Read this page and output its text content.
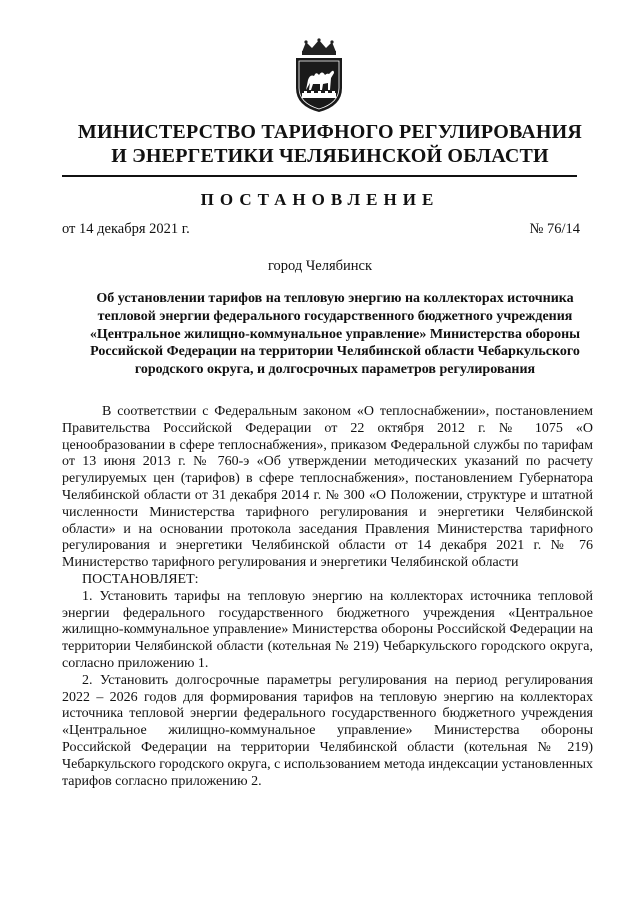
МИНИСТЕРСТВО ТАРИФНОГО РЕГУЛИРОВАНИЯ
И ЭНЕРГЕТИКИ ЧЕЛЯБИНСКОЙ ОБЛАСТИ
ПОСТАНОВЛЕНИЕ
от 14 декабря 2021 г.	№ 76/14
город Челябинск
Об установлении тарифов на тепловую энергию на коллекторах источника тепловой энергии федерального государственного бюджетного учреждения «Центральное жилищно-коммунальное управление» Министерства обороны Российской Федерации на территории Челябинской области Чебаркульского городского округа, и долгосрочных параметров регулирования

В соответствии с Федеральным законом «О теплоснабжении», постановлением Правительства Российской Федерации от 22 октября 2012 г. № 1075 «О ценообразовании в сфере теплоснабжения», приказом Федеральной службы по тарифам от 13 июня 2013 г. № 760-э «Об утверждении методических указаний по расчету регулируемых цен (тарифов) в сфере теплоснабжения», постановлением Губернатора Челябинской области от 31 декабря 2014 г. № 300 «О Положении, структуре и штатной численности Министерства тарифного регулирования и энергетики Челябинской области» и на основании протокола заседания Правления Министерства тарифного регулирования и энергетики Челябинской области от 14 декабря 2021 г. № 76 Министерство тарифного регулирования и энергетики Челябинской области

ПОСТАНОВЛЯЕТ:

1. Установить тарифы на тепловую энергию на коллекторах источника тепловой энергии федерального государственного бюджетного учреждения «Центральное жилищно-коммунальное управление» Министерства обороны Российской Федерации на территории Челябинской области (котельная № 219) Чебаркульского городского округа, согласно приложению 1.

2. Установить долгосрочные параметры регулирования на период регулирования 2022 – 2026 годов для формирования тарифов на тепловую энергию на коллекторах источника тепловой энергии федерального государственного бюджетного учреждения «Центральное жилищно-коммунальное управление» Министерства обороны Российской Федерации на территории Челябинской области (котельная № 219) Чебаркульского городского округа, с использованием метода индексации установленных тарифов согласно приложению 2.
